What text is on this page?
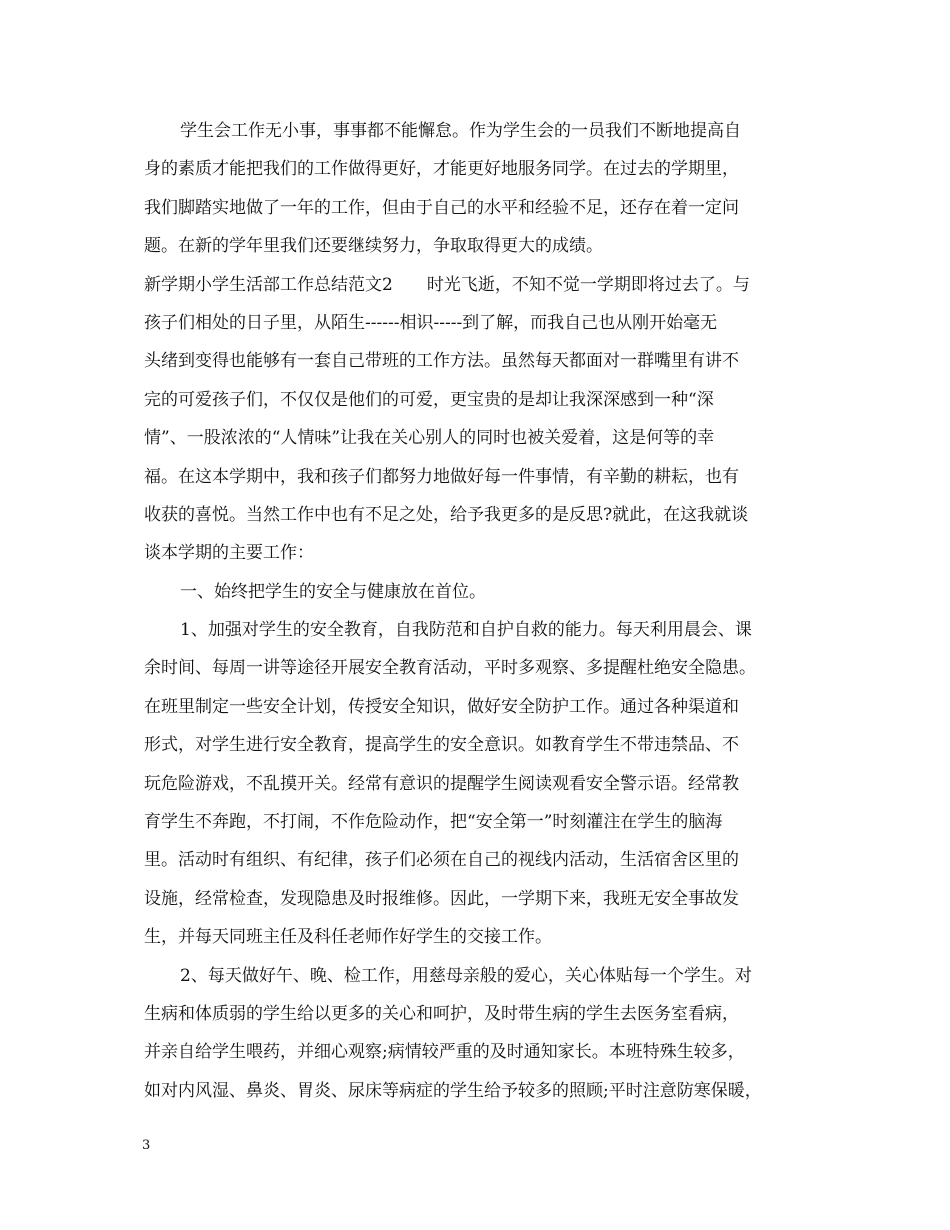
学生会工作无小事，事事都不能懈怠。作为学生会的一员我们不断地提高自
身的素质才能把我们的工作做得更好，才能更好地服务同学。在过去的学期里，
我们脚踏实地做了一年的工作，但由于自己的水平和经验不足，还存在着一定问
题。在新的学年里我们还要继续努力，争取取得更大的成绩。
新学期小学生活部工作总结范文2　　时光飞逝，不知不觉一学期即将过去了。与
孩子们相处的日子里，从陌生------相识-----到了解，而我自己也从刚开始毫无
头绪到变得也能够有一套自己带班的工作方法。虽然每天都面对一群嘴里有讲不
完的可爱孩子们，不仅仅是他们的可爱，更宝贵的是却让我深深感到一种“深
情”、一股浓浓的“人情味”让我在关心别人的同时也被关爱着，这是何等的幸
福。在这本学期中，我和孩子们都努力地做好每一件事情，有辛勤的耕耘，也有
收获的喜悦。当然工作中也有不足之处，给予我更多的是反思?就此，在这我就谈
谈本学期的主要工作：
一、始终把学生的安全与健康放在首位。
1、加强对学生的安全教育，自我防范和自护自救的能力。每天利用晨会、课
余时间、每周一讲等途径开展安全教育活动，平时多观察、多提醒杜绝安全隐患。
在班里制定一些安全计划，传授安全知识，做好安全防护工作。通过各种渠道和
形式，对学生进行安全教育，提高学生的安全意识。如教育学生不带违禁品、不
玩危险游戏，不乱摸开关。经常有意识的提醒学生阅读观看安全警示语。经常教
育学生不奔跑，不打闹，不作危险动作，把“安全第一”时刻灌注在学生的脑海
里。活动时有组织、有纪律，孩子们必须在自己的视线内活动，生活宿舍区里的
设施，经常检查，发现隐患及时报维修。因此，一学期下来，我班无安全事故发
生，并每天同班主任及科任老师作好学生的交接工作。
2、每天做好午、晚、检工作，用慈母亲般的爱心，关心体贴每一个学生。对
生病和体质弱的学生给以更多的关心和呵护，及时带生病的学生去医务室看病，
并亲自给学生喂药，并细心观察;病情较严重的及时通知家长。本班特殊生较多，
如对内风湿、鼻炎、胃炎、尿床等病症的学生给予较多的照顾;平时注意防寒保暖，
3
